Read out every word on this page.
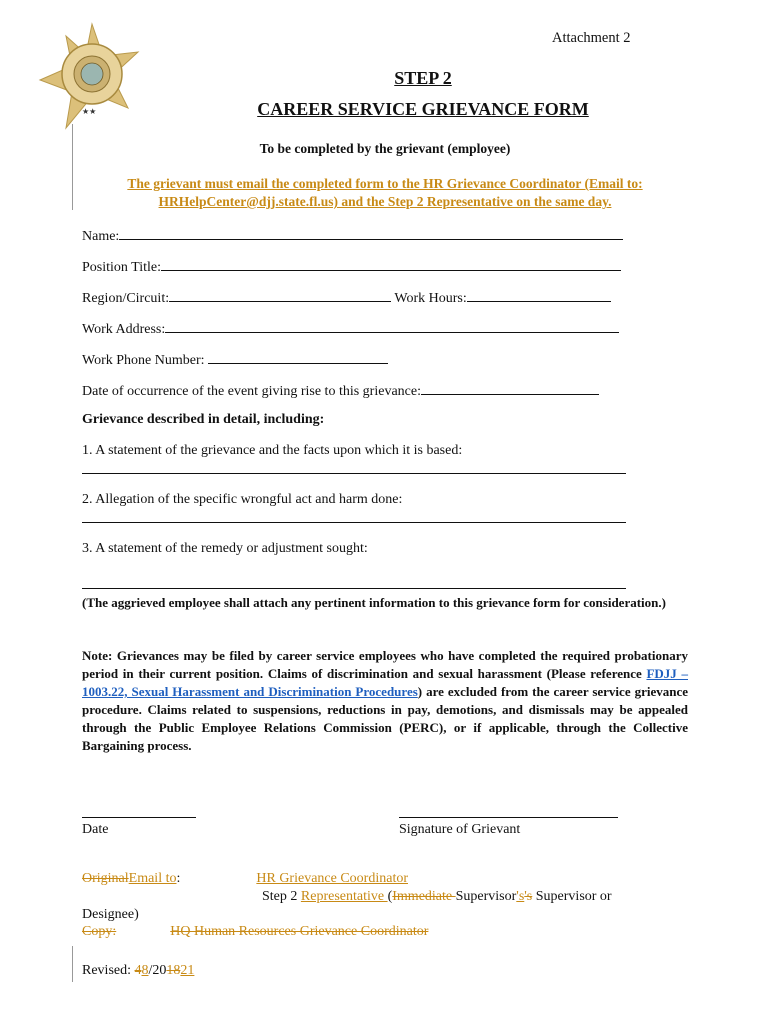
★★
Attachment 2
STEP 2
CAREER SERVICE GRIEVANCE FORM
To be completed by the grievant (employee)
The grievant must email the completed form to the HR Grievance Coordinator (Email to:
HRHelpCenter@djj.state.fl.us) and the Step 2 Representative on the same day.
Name:
Position Title:
Region/Circuit:	Work Hours:
Work Address:
Work Phone Number:
Date of occurrence of the event giving rise to this grievance:
Grievance described in detail, including:
1. A statement of the grievance and the facts upon which it is based:
2. Allegation of the specific wrongful act and harm done:
3. A statement of the remedy or adjustment sought:
(The aggrieved employee shall attach any pertinent information to this grievance form for consideration.)
Note: Grievances may be filed by career service employees who have completed the required probationary period in their current position. Claims of discrimination and sexual harassment (Please reference FDJJ – 1003.22, Sexual Harassment and Discrimination Procedures) are excluded from the career service grievance procedure. Claims related to suspensions, reductions in pay, demotions, and dismissals may be appealed through the Public Employee Relations Commission (PERC), or if applicable, through the Collective Bargaining process.
Date	Signature of Grievant
OriginalEmail to:	HR Grievance Coordinator
Step 2 Representative (Immediate Supervisor's's Supervisor or
Designee)
Copy:	HQ Human Resources Grievance Coordinator
Revised: 48/201821
